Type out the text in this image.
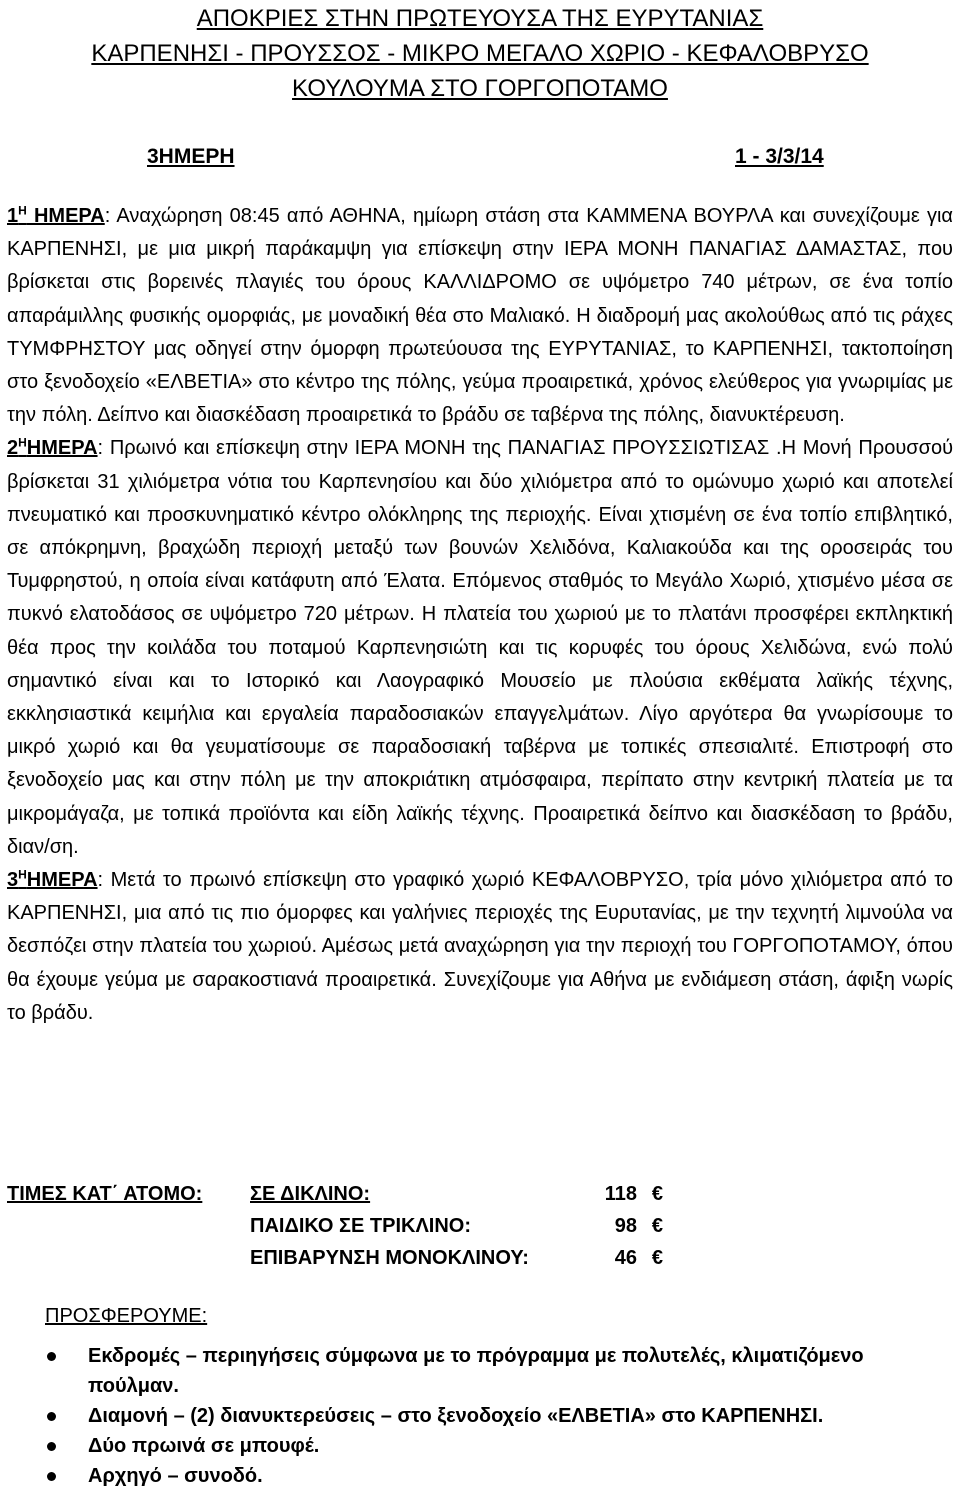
ΑΠΟΚΡΙΕΣ ΣΤΗΝ ΠΡΩΤΕΥΟΥΣΑ ΤΗΣ ΕΥΡΥΤΑΝΙΑΣ
ΚΑΡΠΕΝΗΣΙ - ΠΡΟΥΣΣΟΣ - ΜΙΚΡΟ ΜΕΓΑΛΟ ΧΩΡΙΟ - ΚΕΦΑΛΟΒΡΥΣΟ
ΚΟΥΛΟΥΜΑ ΣΤΟ ΓΟΡΓΟΠΟΤΑΜΟ
3ΗΜΕΡΗ	1 - 3/3/14

$1^H$ ΗΜΕΡΑ: Αναχώρηση 08:45 από ΑΘΗΝΑ, ημίωρη στάση στα ΚΑΜΜΕΝΑ ΒΟΥΡΛΑ και συνεχίζουμε για ΚΑΡΠΕΝΗΣΙ, με μια μικρή παράκαμψη για επίσκεψη στην ΙΕΡΑ ΜΟΝΗ ΠΑΝΑΓΙΑΣ ΔΑΜΑΣΤΑΣ, που βρίσκεται στις βορεινές πλαγιές του όρους ΚΑΛΛΙΔΡΟΜΟ σε υψόμετρο 740 μέτρων, σε ένα τοπίο απαράμιλλης φυσικής ομορφιάς, με μοναδική θέα στο Μαλιακό. Η διαδρομή μας ακολούθως από τις ράχες ΤΥΜΦΡΗΣΤΟΥ μας οδηγεί στην όμορφη πρωτεύουσα της ΕΥΡΥΤΑΝΙΑΣ, το ΚΑΡΠΕΝΗΣΙ, τακτοποίηση στο ξενοδοχείο «ΕΛΒΕΤΙΑ» στο κέντρο της πόλης, γεύμα προαιρετικά, χρόνος ελεύθερος για γνωριμίας με την πόλη. Δείπνο και διασκέδαση προαιρετικά το βράδυ σε ταβέρνα της πόλης, διανυκτέρευση.
$2^HHMEPA$: Πρωινό και επίσκεψη στην ΙΕΡΑ ΜΟΝΗ της ΠΑΝΑΓΙΑΣ ΠΡΟΥΣΣΙΩΤΙΣΑΣ .Η Μονή Προυσσού βρίσκεται 31 χιλιόμετρα νότια του Καρπενησίου και δύο χιλιόμετρα από το ομώνυμο χωριό και αποτελεί πνευματικό και προσκυνηματικό κέντρο ολόκληρης της περιοχής. Είναι χτισμένη σε ένα τοπίο επιβλητικό, σε απόκρημνη, βραχώδη περιοχή μεταξύ των βουνών Χελιδόνα, Καλιακούδα και της οροσειράς του Τυμφρηστού, η οποία είναι κατάφυτη από Έλατα. Επόμενος σταθμός το Μεγάλο Χωριό, χτισμένο μέσα σε πυκνό ελατοδάσος σε υψόμετρο 720 μέτρων. Η πλατεία του χωριού με το πλατάνι προσφέρει εκπληκτική θέα προς την κοιλάδα του ποταμού Καρπενησιώτη και τις κορυφές του όρους Χελιδώνα, ενώ πολύ σημαντικό είναι και το Ιστορικό και Λαογραφικό Μουσείο με πλούσια εκθέματα λαϊκής τέχνης, εκκλησιαστικά κειμήλια και εργαλεία παραδοσιακών επαγγελμάτων. Λίγο αργότερα θα γνωρίσουμε το μικρό χωριό και θα γευματίσουμε σε παραδοσιακή ταβέρνα με τοπικές σπεσιαλιτέ. Επιστροφή στο ξενοδοχείο μας και στην πόλη με την αποκριάτικη ατμόσφαιρα, περίπατο στην κεντρική πλατεία με τα μικρομάγαζα, με τοπικά προϊόντα και είδη λαϊκής τέχνης. Προαιρετικά δείπνο και διασκέδαση το βράδυ, διαν/ση.
$3^HHMEPA$: Μετά το πρωινό επίσκεψη στο γραφικό χωριό ΚΕΦΑΛΟΒΡΥΣΟ, τρία μόνο χιλιόμετρα από το ΚΑΡΠΕΝΗΣΙ, μια από τις πιο όμορφες και γαλήνιες περιοχές της Ευρυτανίας, με την τεχνητή λιμνούλα να δεσπόζει στην πλατεία του χωριού. Αμέσως μετά αναχώρηση για την περιοχή του ΓΟΡΓΟΠΟΤΑΜΟΥ, όπου θα έχουμε γεύμα με σαρακοστιανά προαιρετικά. Συνεχίζουμε για Αθήνα με ενδιάμεση στάση, άφιξη νωρίς το βράδυ.

ΤΙΜΕΣ ΚΑΤ΄ ΑΤΟΜΟ: ΣΕ ΔΙΚΛΙΝΟ:	118 €
ΠΑΙΔΙΚΟ ΣΕ ΤΡΙΚΛΙΝΟ:	98 €
ΕΠΙΒΑΡΥΝΣΗ ΜΟΝΟΚΛΙΝΟΥ:	46 €
ΠΡΟΣΦΕΡΟΥΜΕ:
Εκδρομές – περιηγήσεις σύμφωνα με το πρόγραμμα με πολυτελές, κλιματιζόμενο πούλμαν.
Διαμονή – (2) διανυκτερεύσεις – στο ξενοδοχείο «ΕΛΒΕΤΙΑ» στο ΚΑΡΠΕΝΗΣΙ.
Δύο πρωινά σε μπουφέ.
Αρχηγό – συνοδό.
